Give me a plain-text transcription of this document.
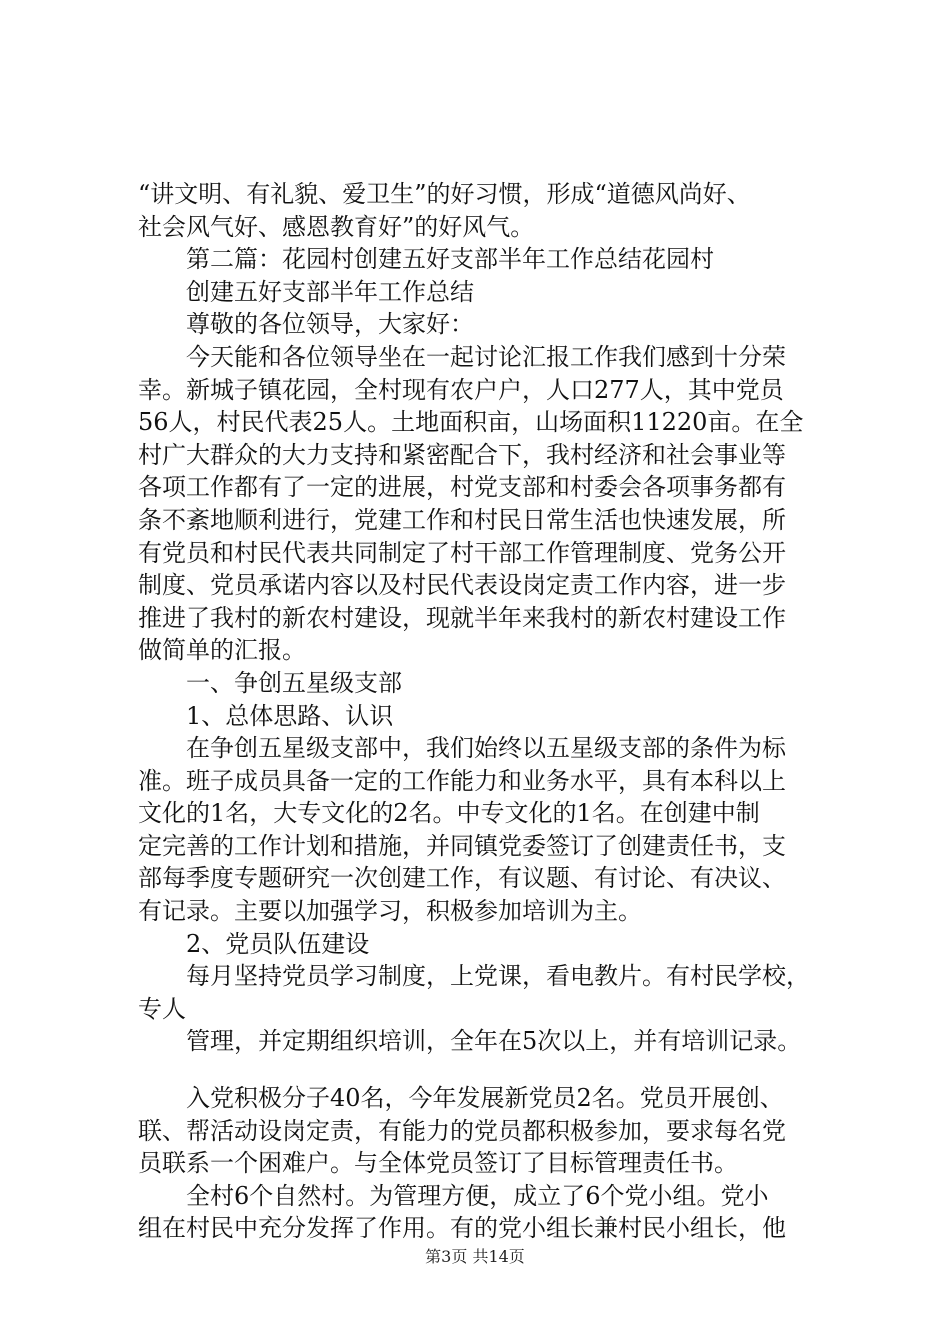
“讲文明、有礼貌、爱卫生”的好习惯，形成“道德风尚好、
社会风气好、感恩教育好”的好风气。
第二篇：花园村创建五好支部半年工作总结花园村
创建五好支部半年工作总结
尊敬的各位领导，大家好：
今天能和各位领导坐在一起讨论汇报工作我们感到十分荣
幸。新城子镇花园，全村现有农户户，人口277人，其中党员
56人，村民代表25人。土地面积亩，山场面积11220亩。在全
村广大群众的大力支持和紧密配合下，我村经济和社会事业等
各项工作都有了一定的进展，村党支部和村委会各项事务都有
条不紊地顺利进行，党建工作和村民日常生活也快速发展，所
有党员和村民代表共同制定了村干部工作管理制度、党务公开
制度、党员承诺内容以及村民代表设岗定责工作内容，进一步
推进了我村的新农村建设，现就半年来我村的新农村建设工作
做简单的汇报。
一、争创五星级支部
1、总体思路、认识
在争创五星级支部中，我们始终以五星级支部的条件为标
准。班子成员具备一定的工作能力和业务水平，具有本科以上
文化的1名，大专文化的2名。中专文化的1名。在创建中制
定完善的工作计划和措施，并同镇党委签订了创建责任书，支
部每季度专题研究一次创建工作，有议题、有讨论、有决议、
有记录。主要以加强学习，积极参加培训为主。
2、党员队伍建设
每月坚持党员学习制度，上党课，看电教片。有村民学校，
专人
管理，并定期组织培训，全年在5次以上，并有培训记录。
入党积极分子40名，今年发展新党员2名。党员开展创、
联、帮活动设岗定责，有能力的党员都积极参加，要求每名党
员联系一个困难户。与全体党员签订了目标管理责任书。
全村6个自然村。为管理方便，成立了6个党小组。党小
组在村民中充分发挥了作用。有的党小组长兼村民小组长，他
第3页 共14页
